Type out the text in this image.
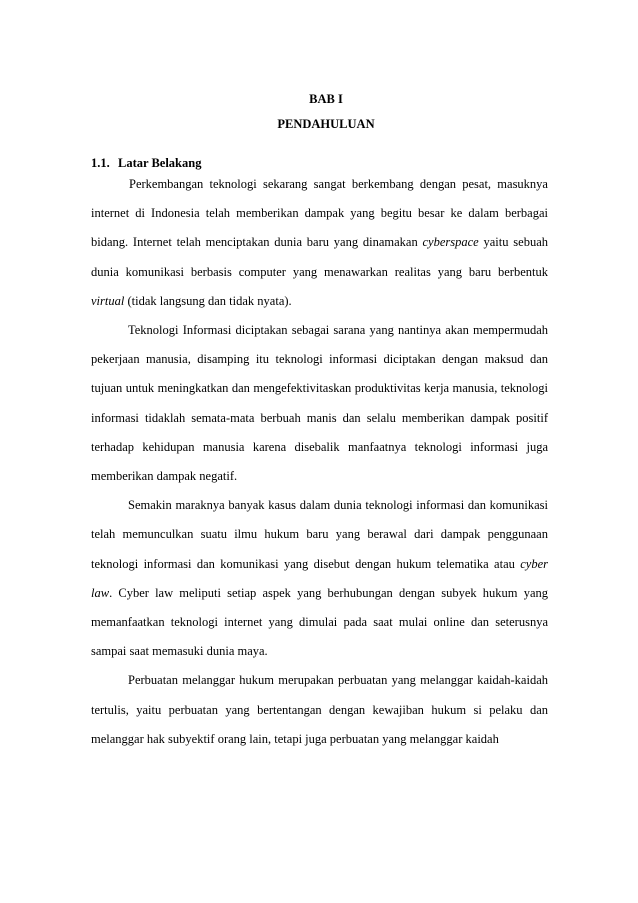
BAB I
PENDAHULUAN
1.1. Latar Belakang

Perkembangan teknologi sekarang sangat berkembang dengan pesat, masuknya internet di Indonesia telah memberikan dampak yang begitu besar ke dalam berbagai bidang. Internet telah menciptakan dunia baru yang dinamakan cyberspace yaitu sebuah dunia komunikasi berbasis computer yang menawarkan realitas yang baru berbentuk virtual (tidak langsung dan tidak nyata).

Teknologi Informasi diciptakan sebagai sarana yang nantinya akan mempermudah pekerjaan manusia, disamping itu teknologi informasi diciptakan dengan maksud dan tujuan untuk meningkatkan dan mengefektivitaskan produktivitas kerja manusia, teknologi informasi tidaklah semata-mata berbuah manis dan selalu memberikan dampak positif terhadap kehidupan manusia karena disebalik manfaatnya teknologi informasi juga memberikan dampak negatif.

Semakin maraknya banyak kasus dalam dunia teknologi informasi dan komunikasi telah memunculkan suatu ilmu hukum baru yang berawal dari dampak penggunaan teknologi informasi dan komunikasi yang disebut dengan hukum telematika atau cyber law. Cyber law meliputi setiap aspek yang berhubungan dengan subyek hukum yang memanfaatkan teknologi internet yang dimulai pada saat mulai online dan seterusnya sampai saat memasuki dunia maya.

Perbuatan melanggar hukum merupakan perbuatan yang melanggar kaidah-kaidah tertulis, yaitu perbuatan yang bertentangan dengan kewajiban hukum si pelaku dan melanggar hak subyektif orang lain, tetapi juga perbuatan yang melanggar kaidah
